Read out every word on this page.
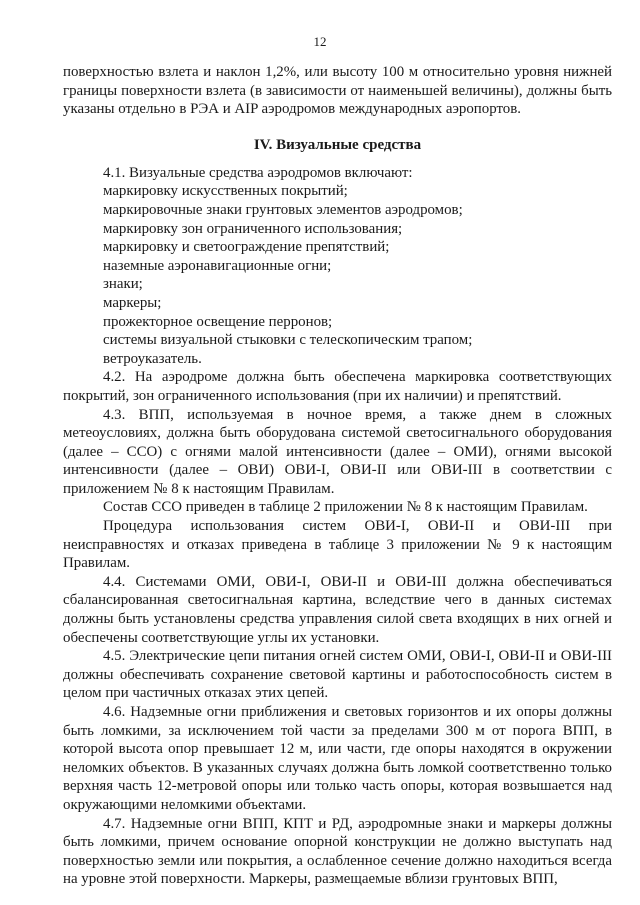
12

поверхностью взлета и наклон 1,2%, или высоту 100 м относительно уровня нижней границы поверхности взлета (в зависимости от наименьшей величины), должны быть указаны отдельно в РЭА и AIP аэродромов международных аэропортов.

IV. Визуальные средства

4.1. Визуальные средства аэродромов включают:

маркировку искусственных покрытий;
маркировочные знаки грунтовых элементов аэродромов;
маркировку зон ограниченного использования;
маркировку и светоограждение препятствий;
наземные аэронавигационные огни;
знаки;
маркеры;
прожекторное освещение перронов;
системы визуальной стыковки с телескопическим трапом;
ветроуказатель.

4.2. На аэродроме должна быть обеспечена маркировка соответствующих покрытий, зон ограниченного использования (при их наличии) и препятствий.

4.3. ВПП, используемая в ночное время, а также днем в сложных метеоусловиях, должна быть оборудована системой светосигнального оборудования (далее – ССО) с огнями малой интенсивности (далее – ОМИ), огнями высокой интенсивности (далее – ОВИ) ОВИ-I, ОВИ-II или ОВИ-III в соответствии с приложением № 8 к настоящим Правилам.

Состав ССО приведен в таблице 2 приложении № 8 к настоящим Правилам.

Процедура использования систем ОВИ-I, ОВИ-II и ОВИ-III при неисправностях и отказах приведена в таблице 3 приложении № 9 к настоящим Правилам.

4.4. Системами ОМИ, ОВИ-I, ОВИ-II и ОВИ-III должна обеспечиваться сбалансированная светосигнальная картина, вследствие чего в данных системах должны быть установлены средства управления силой света входящих в них огней и обеспечены соответствующие углы их установки.

4.5. Электрические цепи питания огней систем ОМИ, ОВИ-I, ОВИ-II и ОВИ-III должны обеспечивать сохранение световой картины и работоспособность систем в целом при частичных отказах этих цепей.

4.6. Надземные огни приближения и световых горизонтов и их опоры должны быть ломкими, за исключением той части за пределами 300 м от порога ВПП, в которой высота опор превышает 12 м, или части, где опоры находятся в окружении неломких объектов. В указанных случаях должна быть ломкой соответственно только верхняя часть 12-метровой опоры или только часть опоры, которая возвышается над окружающими неломкими объектами.

4.7. Надземные огни ВПП, КПТ и РД, аэродромные знаки и маркеры должны быть ломкими, причем основание опорной конструкции не должно выступать над поверхностью земли или покрытия, а ослабленное сечение должно находиться всегда на уровне этой поверхности. Маркеры, размещаемые вблизи грунтовых ВПП,
